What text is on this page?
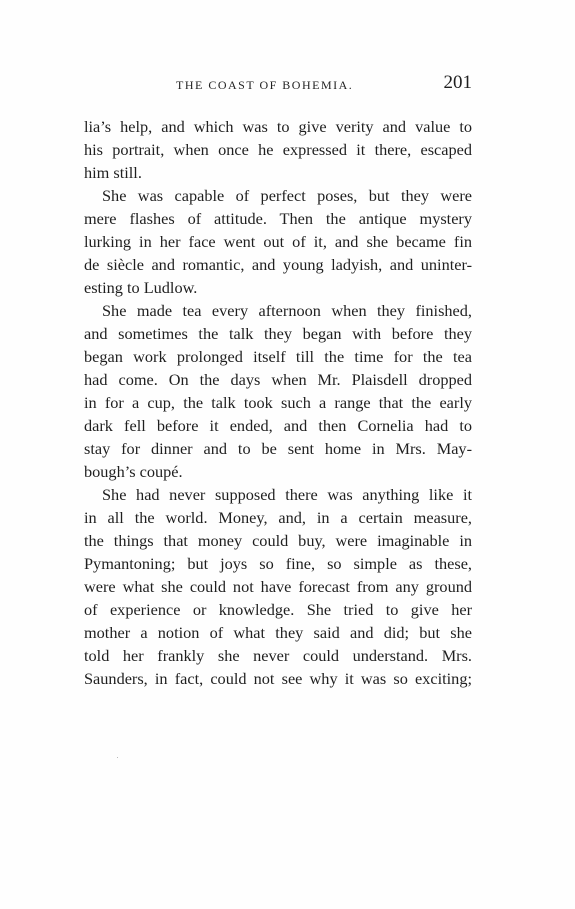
THE COAST OF BOHEMIA.	201
lia’s help, and which was to give verity and value to
his portrait, when once he expressed it there, escaped
him still.
She was capable of perfect poses, but they were
mere flashes of attitude. Then the antique mystery
lurking in her face went out of it, and she became fin
de siècle and romantic, and young ladyish, and uninter-
esting to Ludlow.
She made tea every afternoon when they finished,
and sometimes the talk they began with before they
began work prolonged itself till the time for the tea
had come. On the days when Mr. Plaisdell dropped
in for a cup, the talk took such a range that the early
dark fell before it ended, and then Cornelia had to
stay for dinner and to be sent home in Mrs. May-
bough’s coupé.
She had never supposed there was anything like it
in all the world. Money, and, in a certain measure,
the things that money could buy, were imaginable in
Pymantoning; but joys so fine, so simple as these,
were what she could not have forecast from any ground
of experience or knowledge. She tried to give her
mother a notion of what they said and did; but she
told her frankly she never could understand. Mrs.
Saunders, in fact, could not see why it was so exciting;
